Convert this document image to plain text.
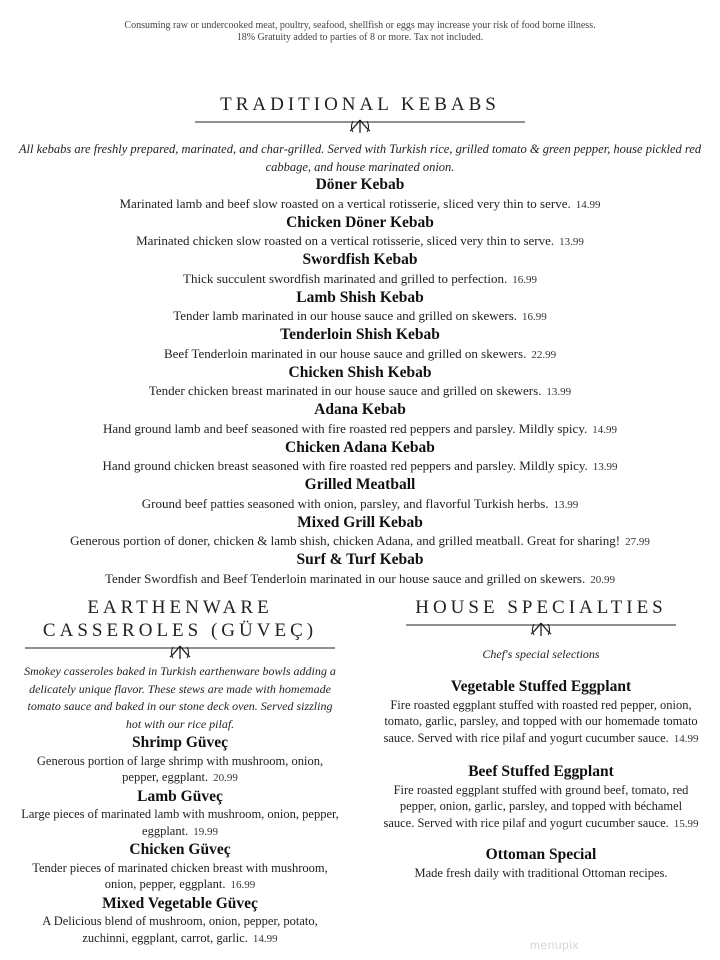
Consuming raw or undercooked meat, poultry, seafood, shellfish or eggs may increase your risk of food borne illness.
18% Gratuity added to parties of 8 or more. Tax not included.
TRADITIONAL KEBABS
All kebabs are freshly prepared, marinated, and char-grilled. Served with Turkish rice, grilled tomato & green pepper, house pickled red cabbage, and house marinated onion.
Döner Kebab
Marinated lamb and beef slow roasted on a vertical rotisserie, sliced very thin to serve. 14.99
Chicken Döner Kebab
Marinated chicken slow roasted on a vertical rotisserie, sliced very thin to serve. 13.99
Swordfish Kebab
Thick succulent swordfish marinated and grilled to perfection. 16.99
Lamb Shish Kebab
Tender lamb marinated in our house sauce and grilled on skewers. 16.99
Tenderloin Shish Kebab
Beef Tenderloin marinated in our house sauce and grilled on skewers. 22.99
Chicken Shish Kebab
Tender chicken breast marinated in our house sauce and grilled on skewers. 13.99
Adana Kebab
Hand ground lamb and beef seasoned with fire roasted red peppers and parsley. Mildly spicy. 14.99
Chicken Adana Kebab
Hand ground chicken breast seasoned with fire roasted red peppers and parsley. Mildly spicy. 13.99
Grilled Meatball
Ground beef patties seasoned with onion, parsley, and flavorful Turkish herbs. 13.99
Mixed Grill Kebab
Generous portion of doner, chicken & lamb shish, chicken Adana, and grilled meatball. Great for sharing! 27.99
Surf & Turf Kebab
Tender Swordfish and Beef Tenderloin marinated in our house sauce and grilled on skewers. 20.99
EARTHENWARE
CASSEROLES (GÜVEÇ)
Smokey casseroles baked in Turkish earthenware bowls adding a delicately unique flavor. These stews are made with homemade tomato sauce and baked in our stone deck oven. Served sizzling hot with our rice pilaf.
Shrimp Güveç
Generous portion of large shrimp with mushroom, onion, pepper, eggplant. 20.99
Lamb Güveç
Large pieces of marinated lamb with mushroom, onion, pepper, eggplant. 19.99
Chicken Güveç
Tender pieces of marinated chicken breast with mushroom, onion, pepper, eggplant. 16.99
Mixed Vegetable Güveç
A Delicious blend of mushroom, onion, pepper, potato, zuchinni, eggplant, carrot, garlic. 14.99
HOUSE SPECIALTIES
Chef's special selections
Vegetable Stuffed Eggplant
Fire roasted eggplant stuffed with roasted red pepper, onion, tomato, garlic, parsley, and topped with our homemade tomato sauce. Served with rice pilaf and yogurt cucumber sauce. 14.99
Beef Stuffed Eggplant
Fire roasted eggplant stuffed with ground beef, tomato, red pepper, onion, garlic, parsley, and topped with béchamel sauce. Served with rice pilaf and yogurt cucumber sauce. 15.99
Ottoman Special
Made fresh daily with traditional Ottoman recipes.
menupix
